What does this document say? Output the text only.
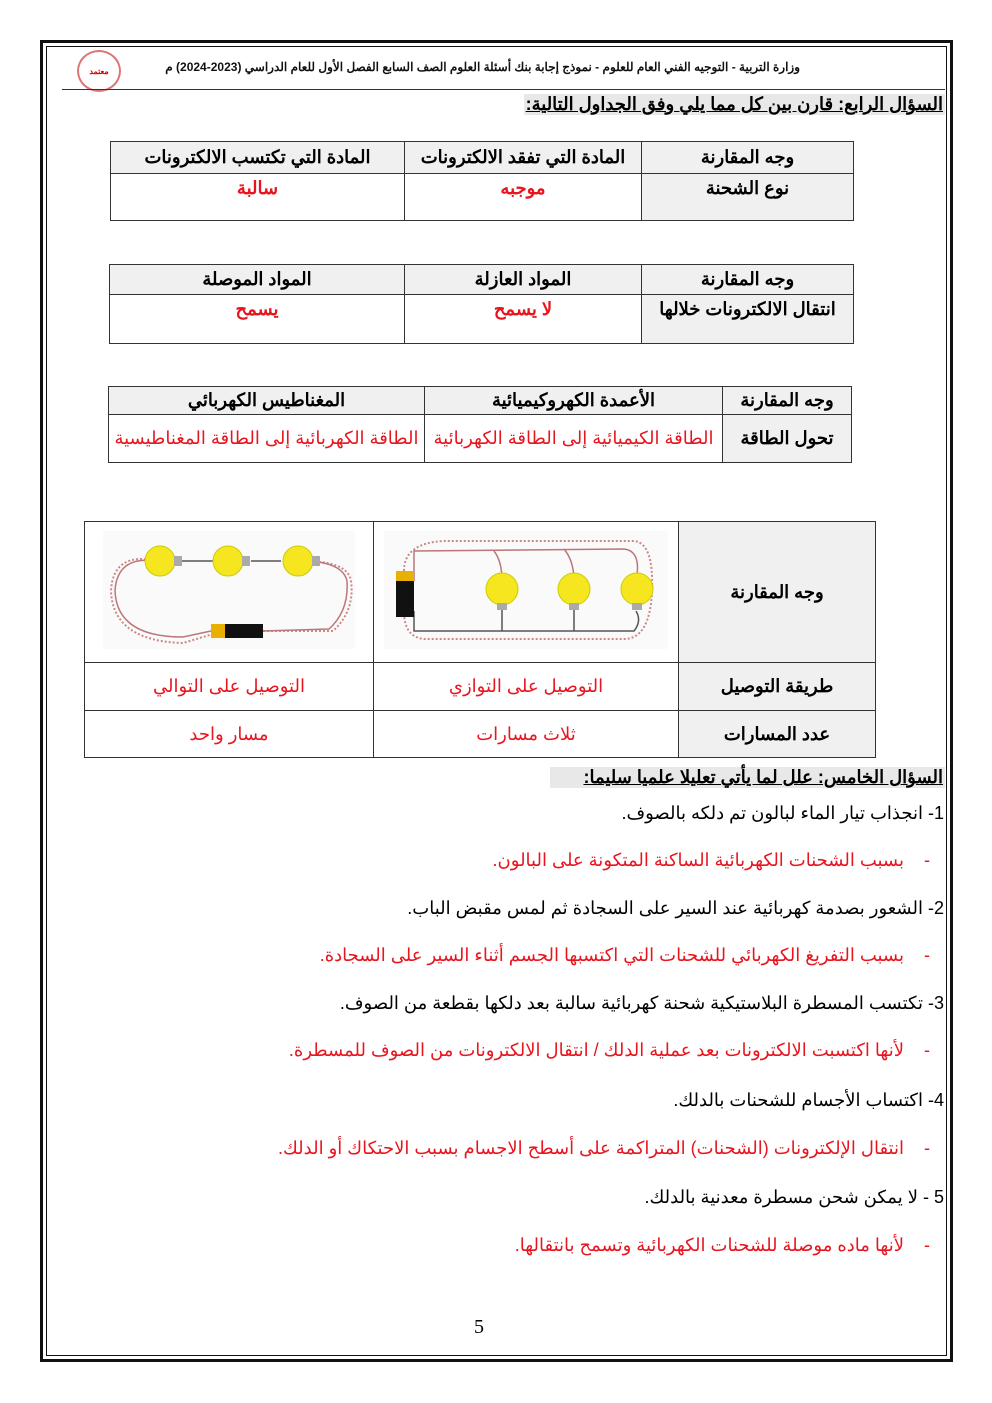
معتمد	وزارة التربية - التوجيه الفني العام للعلوم - نموذج إجابة بنك أسئلة العلوم الصف السابع الفصل الأول للعام الدراسي (2023-2024) م
السؤال الرابع: قارن بين كل مما يلي وفق الجداول التالية:
وجه المقارنة	المادة التي تفقد الالكترونات	المادة التي تكتسب الالكترونات
نوع الشحنة	موجبه	سالبة
وجه المقارنة	المواد العازلة	المواد الموصلة
انتقال الالكترونات خلالها	لا يسمح	يسمح
وجه المقارنة	الأعمدة الكهروكيميائية	المغناطيس الكهربائي
تحول الطاقة	الطاقة الكيميائية إلى الطاقة الكهربائية	الطاقة الكهربائية إلى الطاقة المغناطيسية
وجه المقارنة		
طريقة التوصيل	التوصيل على التوازي	التوصيل على التوالي
عدد المسارات	ثلاث مسارات	مسار واحد
السؤال الخامس: علل لما يأتي تعليلا علميا سليما:
1- انجذاب تيار الماء لبالون تم دلكه بالصوف.
-    بسبب الشحنات الكهربائية الساكنة المتكونة على البالون.
2- الشعور بصدمة كهربائية عند السير على السجادة ثم لمس مقبض الباب.
-    بسبب التفريغ الكهربائي للشحنات التي اكتسبها الجسم أثناء السير على السجادة.
3- تكتسب المسطرة البلاستيكية شحنة كهربائية سالبة بعد دلكها بقطعة من الصوف.
-    لأنها اكتسبت الالكترونات بعد عملية الدلك / انتقال الالكترونات من الصوف للمسطرة.
4- اكتساب الأجسام للشحنات بالدلك.
-    انتقال الإلكترونات (الشحنات) المتراكمة على أسطح الاجسام بسبب الاحتكاك أو الدلك.
5 - لا يمكن شحن مسطرة معدنية بالدلك.
-    لأنها ماده موصلة للشحنات الكهربائية وتسمح بانتقالها.
5
